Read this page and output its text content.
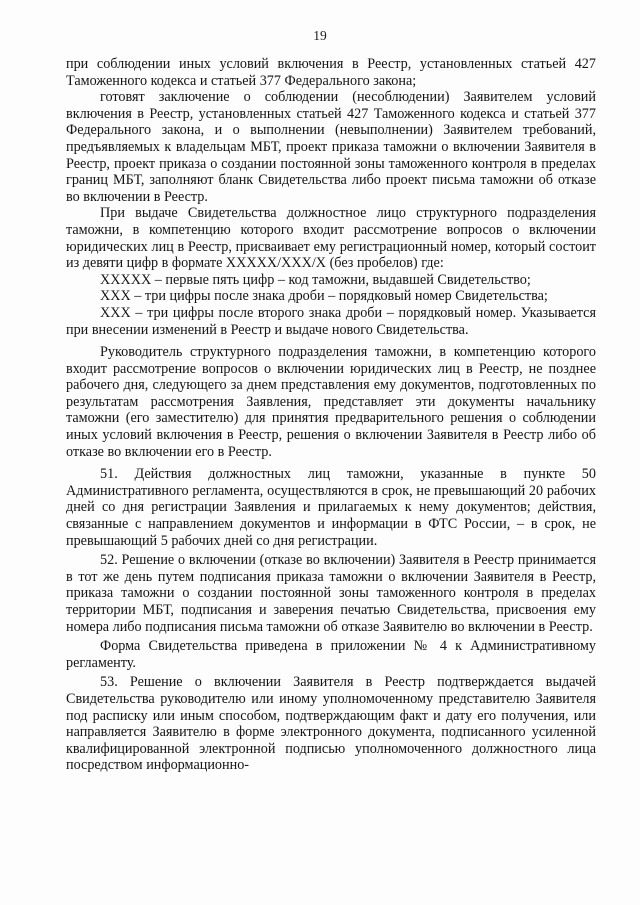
19

при соблюдении иных условий включения в Реестр, установленных статьей 427 Таможенного кодекса и статьей 377 Федерального закона;

готовят заключение о соблюдении (несоблюдении) Заявителем условий включения в Реестр, установленных статьей 427 Таможенного кодекса и статьей 377 Федерального закона, и о выполнении (невыполнении) Заявителем требований, предъявляемых к владельцам МБТ, проект приказа таможни о включении Заявителя в Реестр, проект приказа о создании постоянной зоны таможенного контроля в пределах границ МБТ, заполняют бланк Свидетельства либо проект письма таможни об отказе во включении в Реестр.

При выдаче Свидетельства должностное лицо структурного подразделения таможни, в компетенцию которого входит рассмотрение вопросов о включении юридических лиц в Реестр, присваивает ему регистрационный номер, который состоит из девяти цифр в формате XXXXX/XXX/X (без пробелов) где:

XXXXX – первые пять цифр – код таможни, выдавшей Свидетельство;

XXX – три цифры после знака дроби – порядковый номер Свидетельства;

XXX – три цифры после второго знака дроби – порядковый номер. Указывается при внесении изменений в Реестр и выдаче нового Свидетельства.

Руководитель структурного подразделения таможни, в компетенцию которого входит рассмотрение вопросов о включении юридических лиц в Реестр, не позднее рабочего дня, следующего за днем представления ему документов, подготовленных по результатам рассмотрения Заявления, представляет эти документы начальнику таможни (его заместителю) для принятия предварительного решения о соблюдении иных условий включения в Реестр, решения о включении Заявителя в Реестр либо об отказе во включении его в Реестр.

51. Действия должностных лиц таможни, указанные в пункте 50 Административного регламента, осуществляются в срок, не превышающий 20 рабочих дней со дня регистрации Заявления и прилагаемых к нему документов; действия, связанные с направлением документов и информации в ФТС России, – в срок, не превышающий 5 рабочих дней со дня регистрации.

52. Решение о включении (отказе во включении) Заявителя в Реестр принимается в тот же день путем подписания приказа таможни о включении Заявителя в Реестр, приказа таможни о создании постоянной зоны таможенного контроля в пределах территории МБТ, подписания и заверения печатью Свидетельства, присвоения ему номера либо подписания письма таможни об отказе Заявителю во включении в Реестр.

Форма Свидетельства приведена в приложении № 4 к Административному регламенту.

53. Решение о включении Заявителя в Реестр подтверждается выдачей Свидетельства руководителю или иному уполномоченному представителю Заявителя под расписку или иным способом, подтверждающим факт и дату его получения, или направляется Заявителю в форме электронного документа, подписанного усиленной квалифицированной электронной подписью уполномоченного должностного лица посредством информационно-
